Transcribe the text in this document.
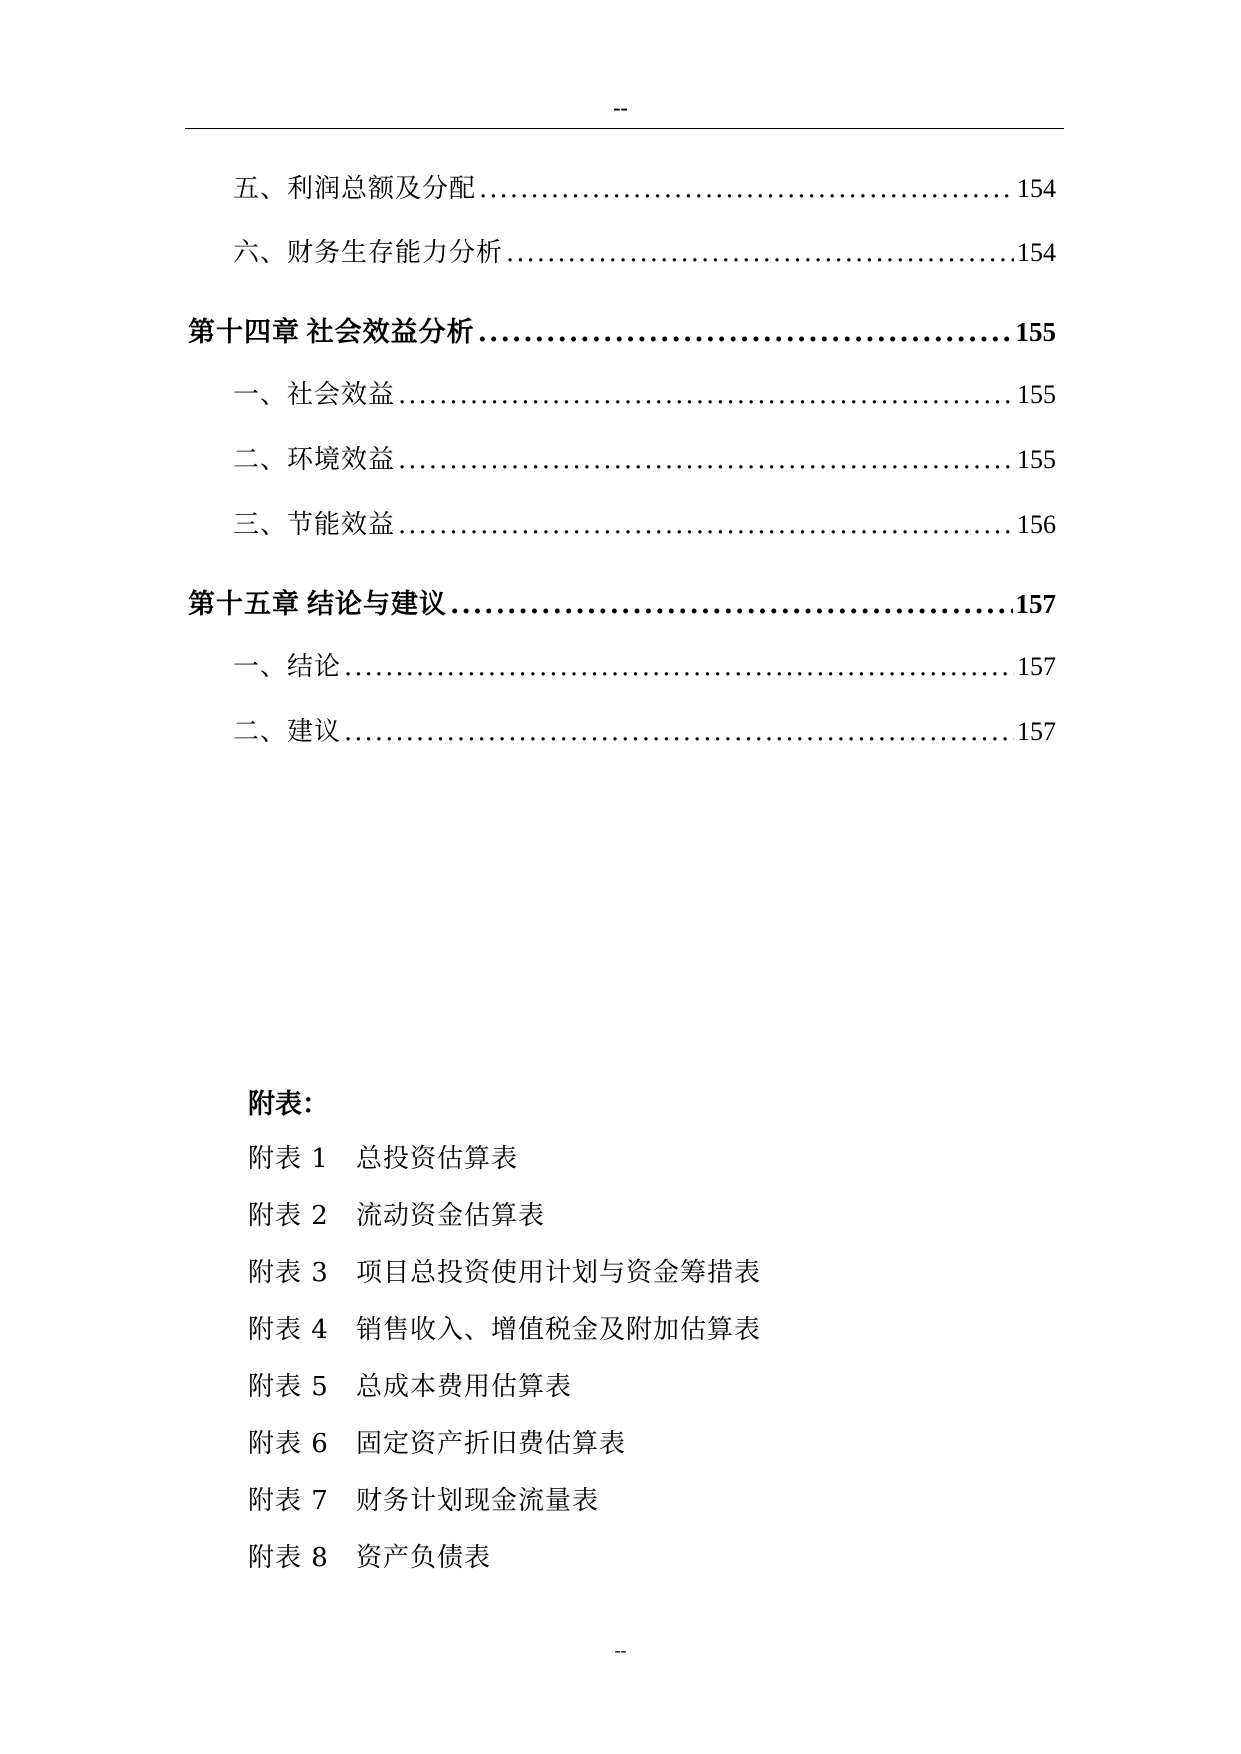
--
五、利润总额及分配 .....	154
六、财务生存能力分析 .....	154
第十四章 社会效益分析 .....	155
一、社会效益 .....	155
二、环境效益 .....	155
三、节能效益 .....	156
第十五章 结论与建议 .....	157
一、结论 .....	157
二、建议 .....	157
附表：
附表 1 总投资估算表
附表 2 流动资金估算表
附表 3 项目总投资使用计划与资金筹措表
附表 4 销售收入、增值税金及附加估算表
附表 5 总成本费用估算表
附表 6 固定资产折旧费估算表
附表 7 财务计划现金流量表
附表 8 资产负债表
--
